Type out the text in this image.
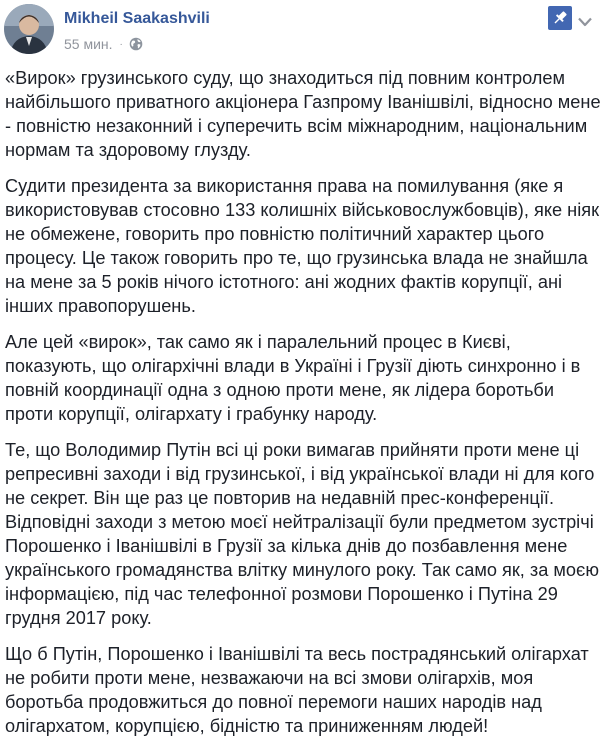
Mikheil Saakashvili
55 мин. ·

«Вирок» грузинського суду, що знаходиться під повним контролем найбільшого приватного акціонера Газпрому Іванішвілі, відносно мене - повністю незаконний і суперечить всім міжнародним, національним нормам та здоровому глузду.

Судити президента за використання права на помилування (яке я використовував стосовно 133 колишніх військовослужбовців), яке ніяк не обмежене, говорить про повністю політичний характер цього процесу. Це також говорить про те, що грузинська влада не знайшла на мене за 5 років нічого істотного: ані жодних фактів корупції, ані інших правопорушень.

Але цей «вирок», так само як і паралельний процес в Києві, показують, що олігархічні влади в Україні і Грузії діють синхронно і в повній координації одна з одною проти мене, як лідера боротьби проти корупції, олігархату і грабунку народу.

Те, що Володимир Путін всі ці роки вимагав прийняти проти мене ці репресивні заходи і від грузинської, і від української влади ні для кого не секрет. Він ще раз це повторив на недавній прес-конференції. Відповідні заходи з метою моєї нейтралізації були предметом зустрічі Порошенко і Іванішвілі в Грузії за кілька днів до позбавлення мене українського громадянства влітку минулого року. Так само як, за моєю інформацією, під час телефонної розмови Порошенко і Путіна 29 грудня 2017 року.

Що б Путін, Порошенко і Іванішвілі та весь пострадянський олігархат не робити проти мене, незважаючи на всі змови олігархів, моя боротьба продовжиться до повної перемоги наших народів над олігархатом, корупцією, бідністю та приниженням людей!
